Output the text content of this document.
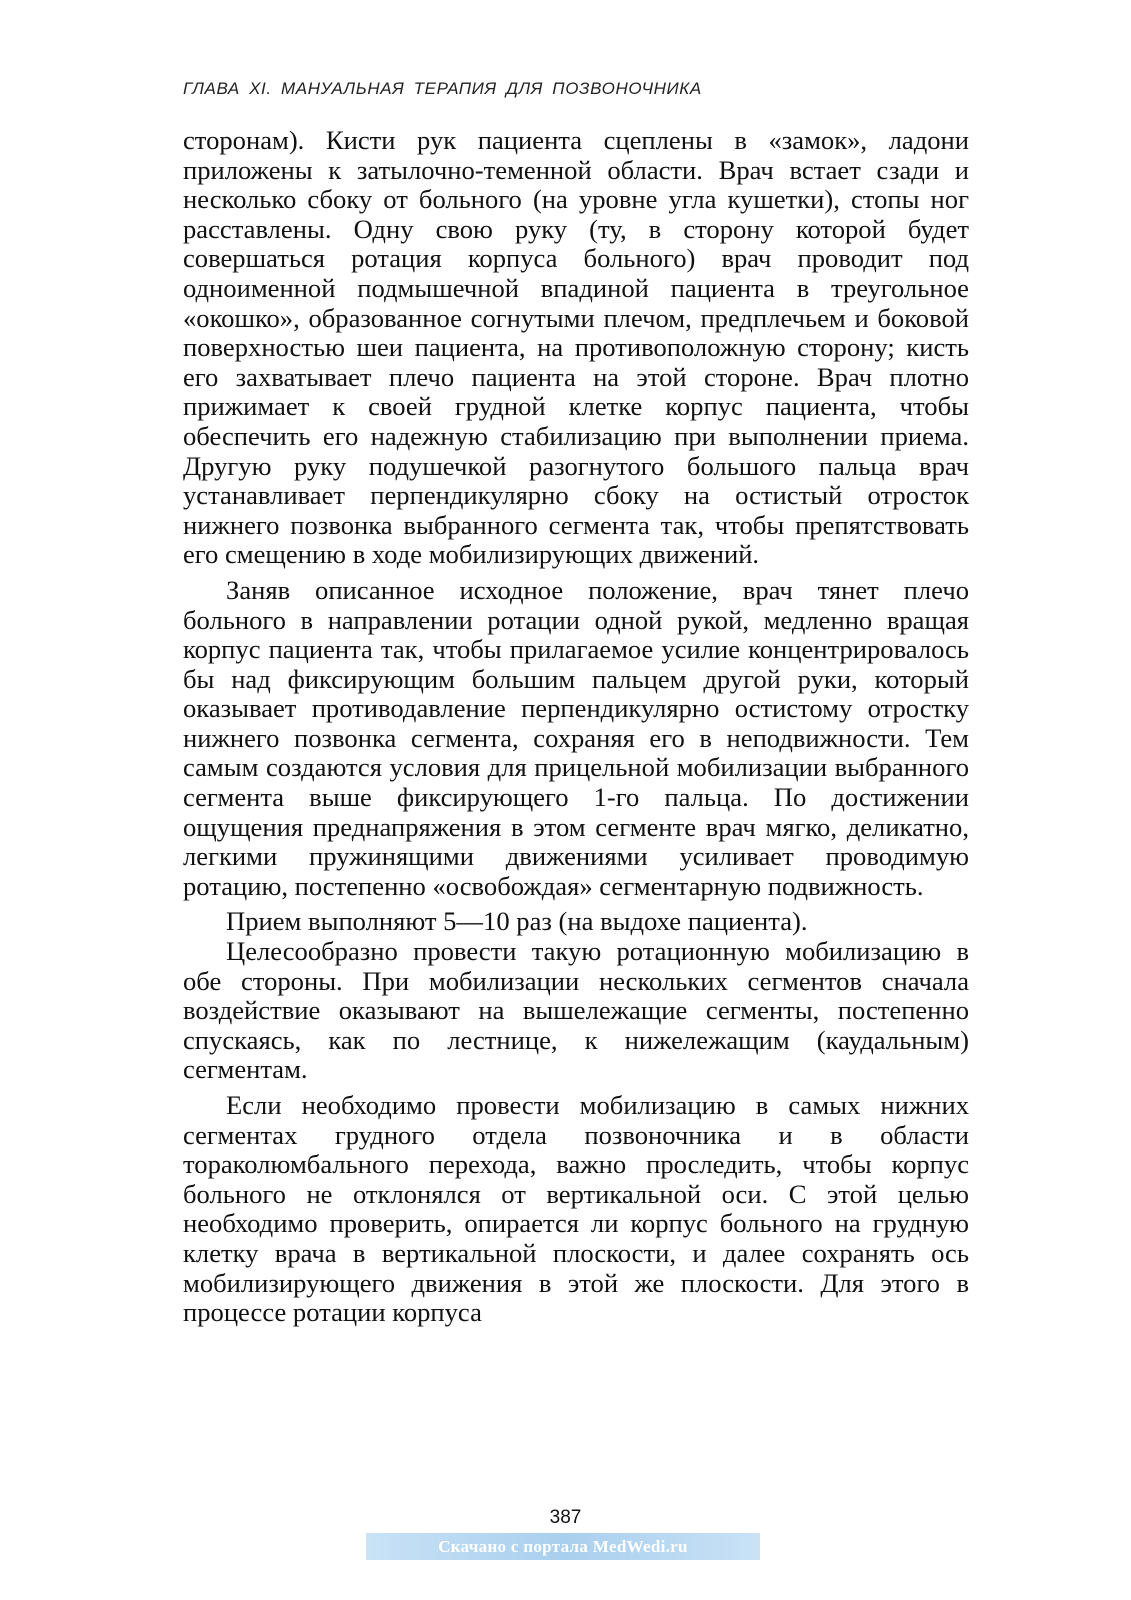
ГЛАВА XI. МАНУАЛЬНАЯ ТЕРАПИЯ ДЛЯ ПОЗВОНОЧНИКА

сторонам). Кисти рук пациента сцеплены в «замок», ладони приложены к затылочно-теменной области. Врач встает сзади и несколько сбоку от больного (на уровне угла кушетки), стопы ног расставлены. Одну свою руку (ту, в сторону которой будет совершаться ротация корпуса больного) врач проводит под одноименной подмышечной впадиной пациента в треугольное «окошко», образованное согнутыми плечом, предплечьем и боковой поверхностью шеи пациента, на противоположную сторону; кисть его захватывает плечо пациента на этой стороне. Врач плотно прижимает к своей грудной клетке корпус пациента, чтобы обеспечить его надежную стабилизацию при выполнении приема. Другую руку подушечкой разогнутого большого пальца врач устанавливает перпендикулярно сбоку на остистый отросток нижнего позвонка выбранного сегмента так, чтобы препятствовать его смещению в ходе мобилизирующих движений.

Заняв описанное исходное положение, врач тянет плечо больного в направлении ротации одной рукой, медленно вращая корпус пациента так, чтобы прилагаемое усилие концентрировалось бы над фиксирующим большим пальцем другой руки, который оказывает противодавление перпендикулярно остистому отростку нижнего позвонка сегмента, сохраняя его в неподвижности. Тем самым создаются условия для прицельной мобилизации выбранного сегмента выше фиксирующего 1-го пальца. По достижении ощущения преднапряжения в этом сегменте врач мягко, деликатно, легкими пружинящими движениями усиливает проводимую ротацию, постепенно «освобождая» сегментарную подвижность.

Прием выполняют 5—10 раз (на выдохе пациента).

Целесообразно провести такую ротационную мобилизацию в обе стороны. При мобилизации нескольких сегментов сначала воздействие оказывают на вышележащие сегменты, постепенно спускаясь, как по лестнице, к нижележащим (каудальным) сегментам.

Если необходимо провести мобилизацию в самых нижних сегментах грудного отдела позвоночника и в области тораколюмбального перехода, важно проследить, чтобы корпус больного не отклонялся от вертикальной оси. С этой целью необходимо проверить, опирается ли корпус больного на грудную клетку врача в вертикальной плоскости, и далее сохранять ось мобилизирующего движения в этой же плоскости. Для этого в процессе ротации корпуса

387
Скачано с портала MedWedi.ru
